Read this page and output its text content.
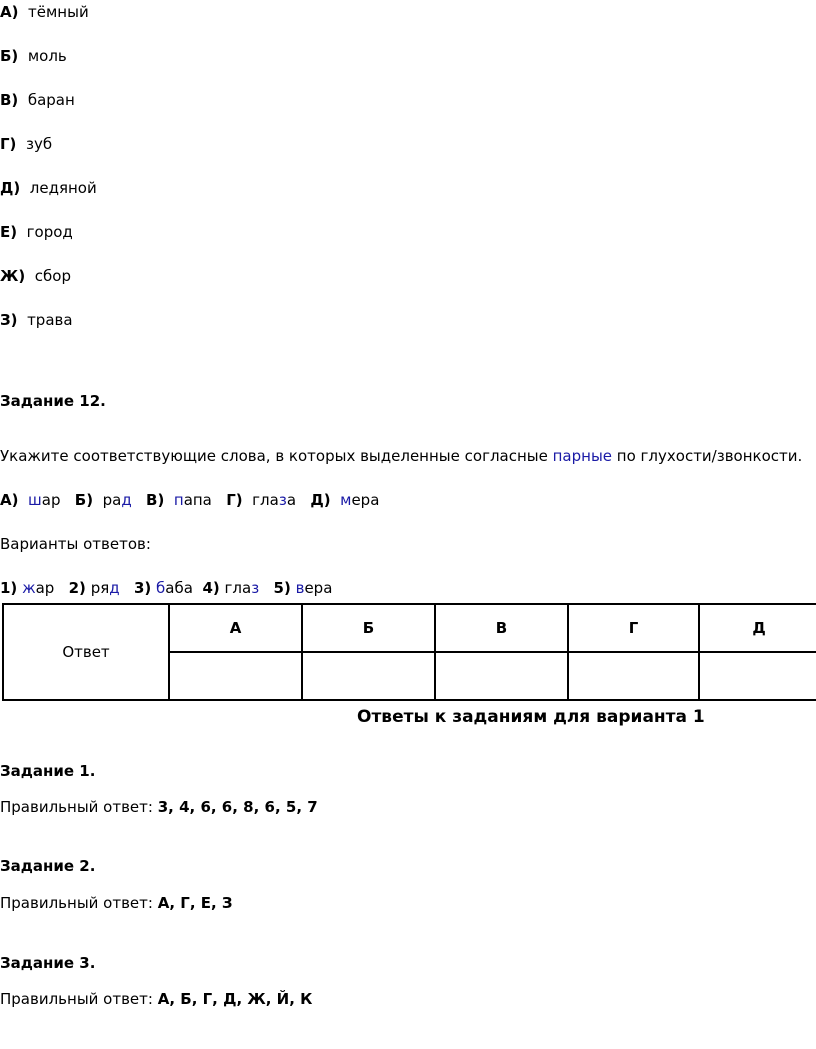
А) тёмный
Б) моль
В) баран
Г) зуб
Д) ледяной
Е) город
Ж) сбор
З) трава
Задание 12.
Укажите соответствующие слова, в которых выделенные согласные парные по глухости/звонкости.
А) шар Б) рад В) папа Г) глаза Д) мера
Варианты ответов:
1) жар 2) ряд 3) баба 4) глаз 5) вера
Ответ	А	Б	В	Г	Д

Ответы к заданиям для варианта 1
Задание 1.
Правильный ответ: 3, 4, 6, 6, 8, 6, 5, 7
Задание 2.
Правильный ответ: А, Г, Е, З
Задание 3.
Правильный ответ: А, Б, Г, Д, Ж, Й, К
